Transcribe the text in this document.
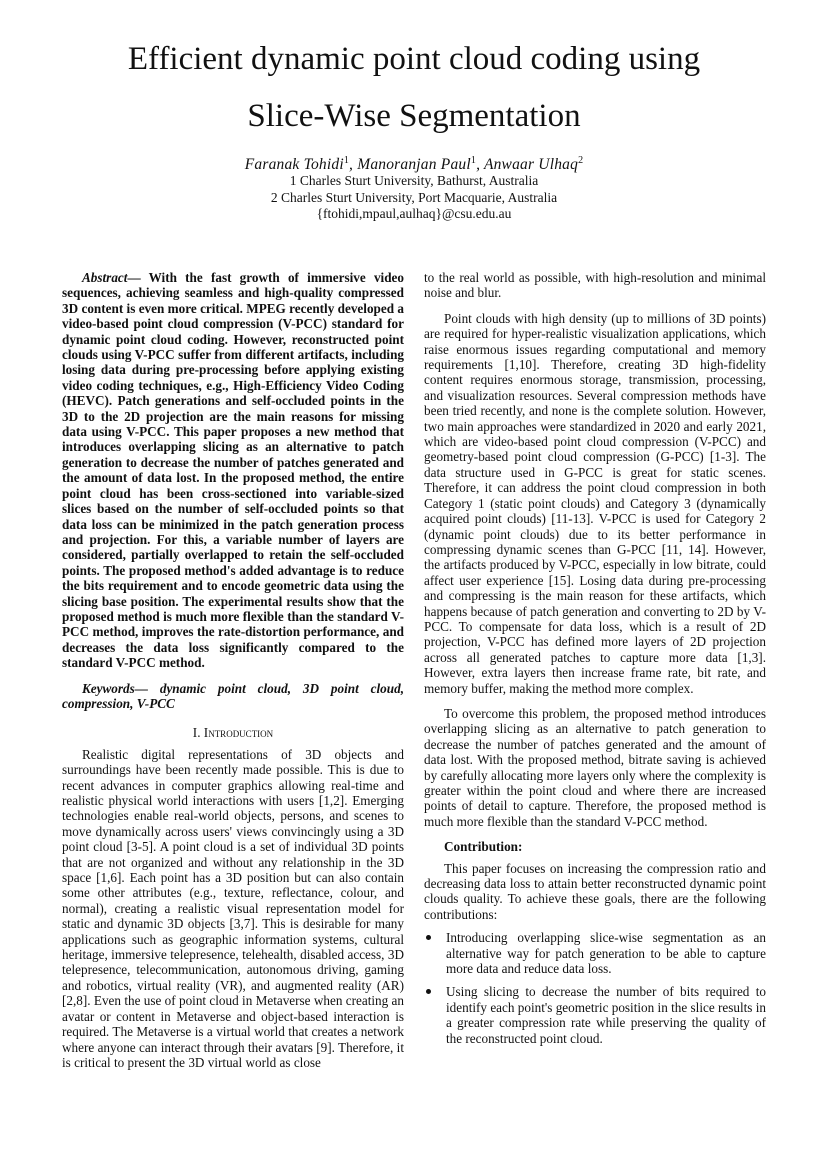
Efficient dynamic point cloud coding using
Slice-Wise Segmentation
Faranak Tohidi$^1$, Manoranjan Paul$^1$, Anwaar Ulhaq$^2$
1 Charles Sturt University, Bathurst, Australia
2 Charles Sturt University, Port Macquarie, Australia
{ftohidi,mpaul,aulhaq}@csu.edu.au

Abstract— With the fast growth of immersive video sequences, achieving seamless and high-quality compressed 3D content is even more critical. MPEG recently developed a video-based point cloud compression (V-PCC) standard for dynamic point cloud coding. However, reconstructed point clouds using V-PCC suffer from different artifacts, including losing data during pre-processing before applying existing video coding techniques, e.g., High-Efficiency Video Coding (HEVC). Patch generations and self-occluded points in the 3D to the 2D projection are the main reasons for missing data using V-PCC. This paper proposes a new method that introduces overlapping slicing as an alternative to patch generation to decrease the number of patches generated and the amount of data lost. In the proposed method, the entire point cloud has been cross-sectioned into variable-sized slices based on the number of self-occluded points so that data loss can be minimized in the patch generation process and projection. For this, a variable number of layers are considered, partially overlapped to retain the self-occluded points. The proposed method's added advantage is to reduce the bits requirement and to encode geometric data using the slicing base position. The experimental results show that the proposed method is much more flexible than the standard V-PCC method, improves the rate-distortion performance, and decreases the data loss significantly compared to the standard V-PCC method.

Keywords— dynamic point cloud, 3D point cloud, compression, V-PCC

I. Introduction

Realistic digital representations of 3D objects and surroundings have been recently made possible. This is due to recent advances in computer graphics allowing real-time and realistic physical world interactions with users [1,2]. Emerging technologies enable real-world objects, persons, and scenes to move dynamically across users' views convincingly using a 3D point cloud [3-5]. A point cloud is a set of individual 3D points that are not organized and without any relationship in the 3D space [1,6]. Each point has a 3D position but can also contain some other attributes (e.g., texture, reflectance, colour, and normal), creating a realistic visual representation model for static and dynamic 3D objects [3,7]. This is desirable for many applications such as geographic information systems, cultural heritage, immersive telepresence, telehealth, disabled access, 3D telepresence, telecommunication, autonomous driving, gaming and robotics, virtual reality (VR), and augmented reality (AR) [2,8]. Even the use of point cloud in Metaverse when creating an avatar or content in Metaverse and object-based interaction is required. The Metaverse is a virtual world that creates a network where anyone can interact through their avatars [9]. Therefore, it is critical to present the 3D virtual world as close

to the real world as possible, with high-resolution and minimal noise and blur.

Point clouds with high density (up to millions of 3D points) are required for hyper-realistic visualization applications, which raise enormous issues regarding computational and memory requirements [1,10]. Therefore, creating 3D high-fidelity content requires enormous storage, transmission, processing, and visualization resources. Several compression methods have been tried recently, and none is the complete solution. However, two main approaches were standardized in 2020 and early 2021, which are video-based point cloud compression (V-PCC) and geometry-based point cloud compression (G-PCC) [1-3]. The data structure used in G-PCC is great for static scenes. Therefore, it can address the point cloud compression in both Category 1 (static point clouds) and Category 3 (dynamically acquired point clouds) [11-13]. V-PCC is used for Category 2 (dynamic point clouds) due to its better performance in compressing dynamic scenes than G-PCC [11, 14]. However, the artifacts produced by V-PCC, especially in low bitrate, could affect user experience [15]. Losing data during pre-processing and compressing is the main reason for these artifacts, which happens because of patch generation and converting to 2D by V-PCC. To compensate for data loss, which is a result of 2D projection, V-PCC has defined more layers of 2D projection across all generated patches to capture more data [1,3]. However, extra layers then increase frame rate, bit rate, and memory buffer, making the method more complex.

To overcome this problem, the proposed method introduces overlapping slicing as an alternative to patch generation to decrease the number of patches generated and the amount of data lost. With the proposed method, bitrate saving is achieved by carefully allocating more layers only where the complexity is greater within the point cloud and where there are increased points of detail to capture. Therefore, the proposed method is much more flexible than the standard V-PCC method.

Contribution:

This paper focuses on increasing the compression ratio and decreasing data loss to attain better reconstructed dynamic point clouds quality. To achieve these goals, there are the following contributions:

Introducing overlapping slice-wise segmentation as an alternative way for patch generation to be able to capture more data and reduce data loss.
Using slicing to decrease the number of bits required to identify each point's geometric position in the slice results in a greater compression rate while preserving the quality of the reconstructed point cloud.
